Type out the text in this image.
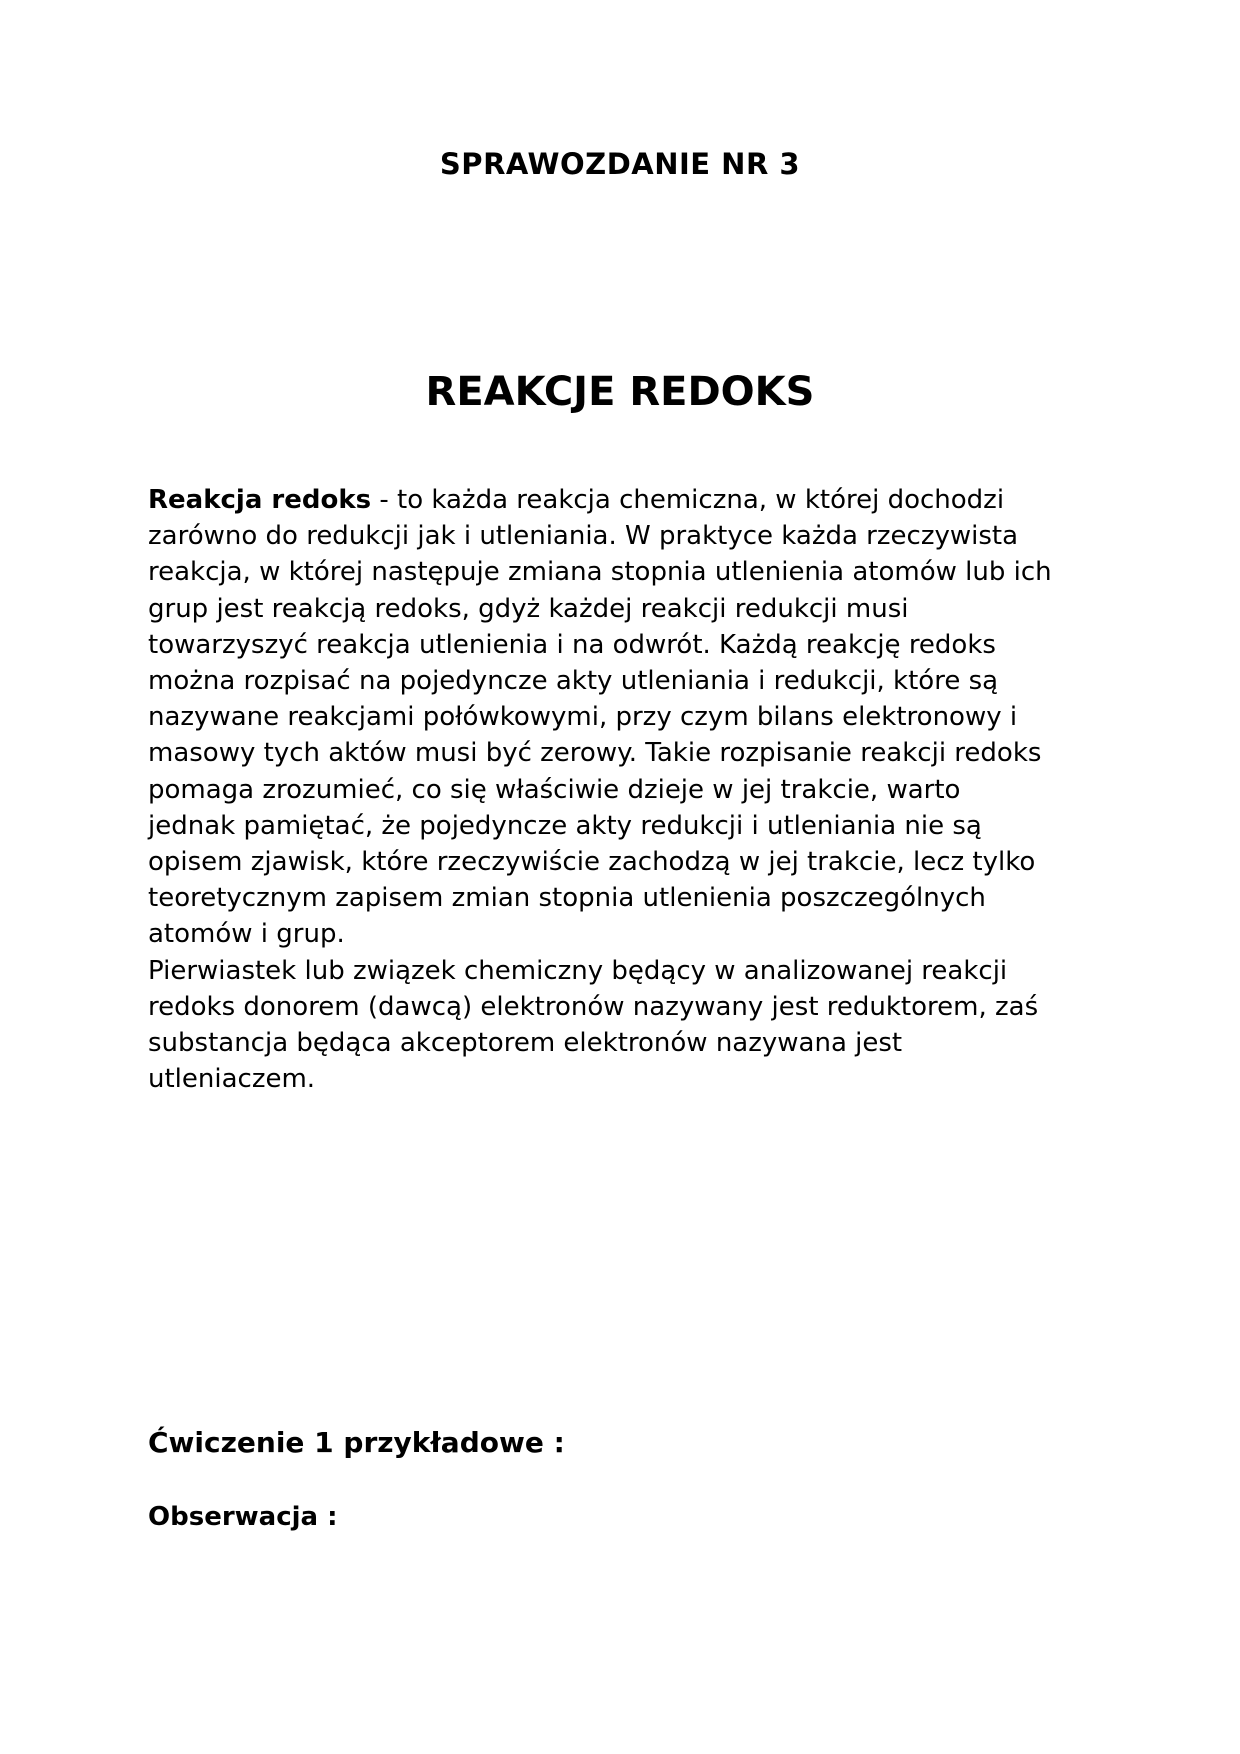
SPRAWOZDANIE NR 3
REAKCJE REDOKS

Reakcja redoks - to każda reakcja chemiczna, w której dochodzi
zarówno do redukcji jak i utleniania. W praktyce każda rzeczywista
reakcja, w której następuje zmiana stopnia utlenienia atomów lub ich
grup jest reakcją redoks, gdyż każdej reakcji redukcji musi
towarzyszyć reakcja utlenienia i na odwrót. Każdą reakcję redoks
można rozpisać na pojedyncze akty utleniania i redukcji, które są
nazywane reakcjami połówkowymi, przy czym bilans elektronowy i
masowy tych aktów musi być zerowy. Takie rozpisanie reakcji redoks
pomaga zrozumieć, co się właściwie dzieje w jej trakcie, warto
jednak pamiętać, że pojedyncze akty redukcji i utleniania nie są
opisem zjawisk, które rzeczywiście zachodzą w jej trakcie, lecz tylko
teoretycznym zapisem zmian stopnia utlenienia poszczególnych
atomów i grup.
Pierwiastek lub związek chemiczny będący w analizowanej reakcji
redoks donorem (dawcą) elektronów nazywany jest reduktorem, zaś
substancja będąca akceptorem elektronów nazywana jest
utleniaczem.

Ćwiczenie 1 przykładowe :
Obserwacja :
